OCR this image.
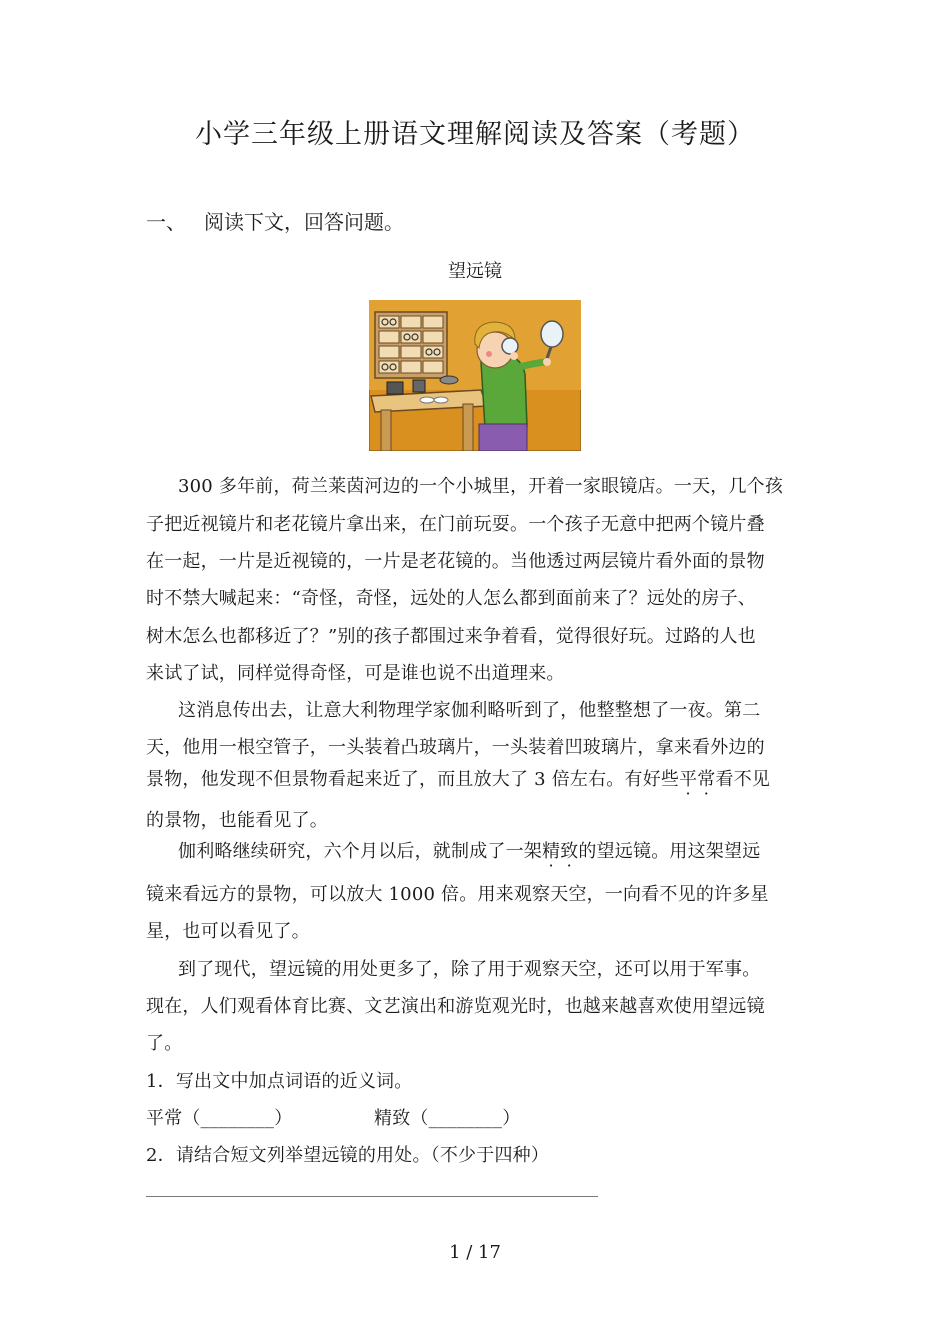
小学三年级上册语文理解阅读及答案（考题）
一、 阅读下文，回答问题。
望远镜
300 多年前，荷兰莱茵河边的一个小城里，开着一家眼镜店。一天，几个孩
子把近视镜片和老花镜片拿出来，在门前玩耍。一个孩子无意中把两个镜片叠
在一起，一片是近视镜的，一片是老花镜的。当他透过两层镜片看外面的景物
时不禁大喊起来：“奇怪，奇怪，远处的人怎么都到面前来了？远处的房子、
树木怎么也都移近了？”别的孩子都围过来争着看，觉得很好玩。过路的人也
来试了试，同样觉得奇怪，可是谁也说不出道理来。
这消息传出去，让意大利物理学家伽利略听到了，他整整想了一夜。第二
天，他用一根空管子，一头装着凸玻璃片，一头装着凹玻璃片，拿来看外边的
景物，他发现不但景物看起来近了，而且放大了 3 倍左右。有好些平常看不见
的景物，也能看见了。
伽利略继续研究，六个月以后，就制成了一架精致的望远镜。用这架望远
镜来看远方的景物，可以放大 1000 倍。用来观察天空，一向看不见的许多星
星，也可以看见了。
到了现代，望远镜的用处更多了，除了用于观察天空，还可以用于军事。
现在，人们观看体育比赛、文艺演出和游览观光时，也越来越喜欢使用望远镜
了。
1．写出文中加点词语的近义词。
平常（________）	精致（________）
2．请结合短文列举望远镜的用处。（不少于四种）
1 / 17
